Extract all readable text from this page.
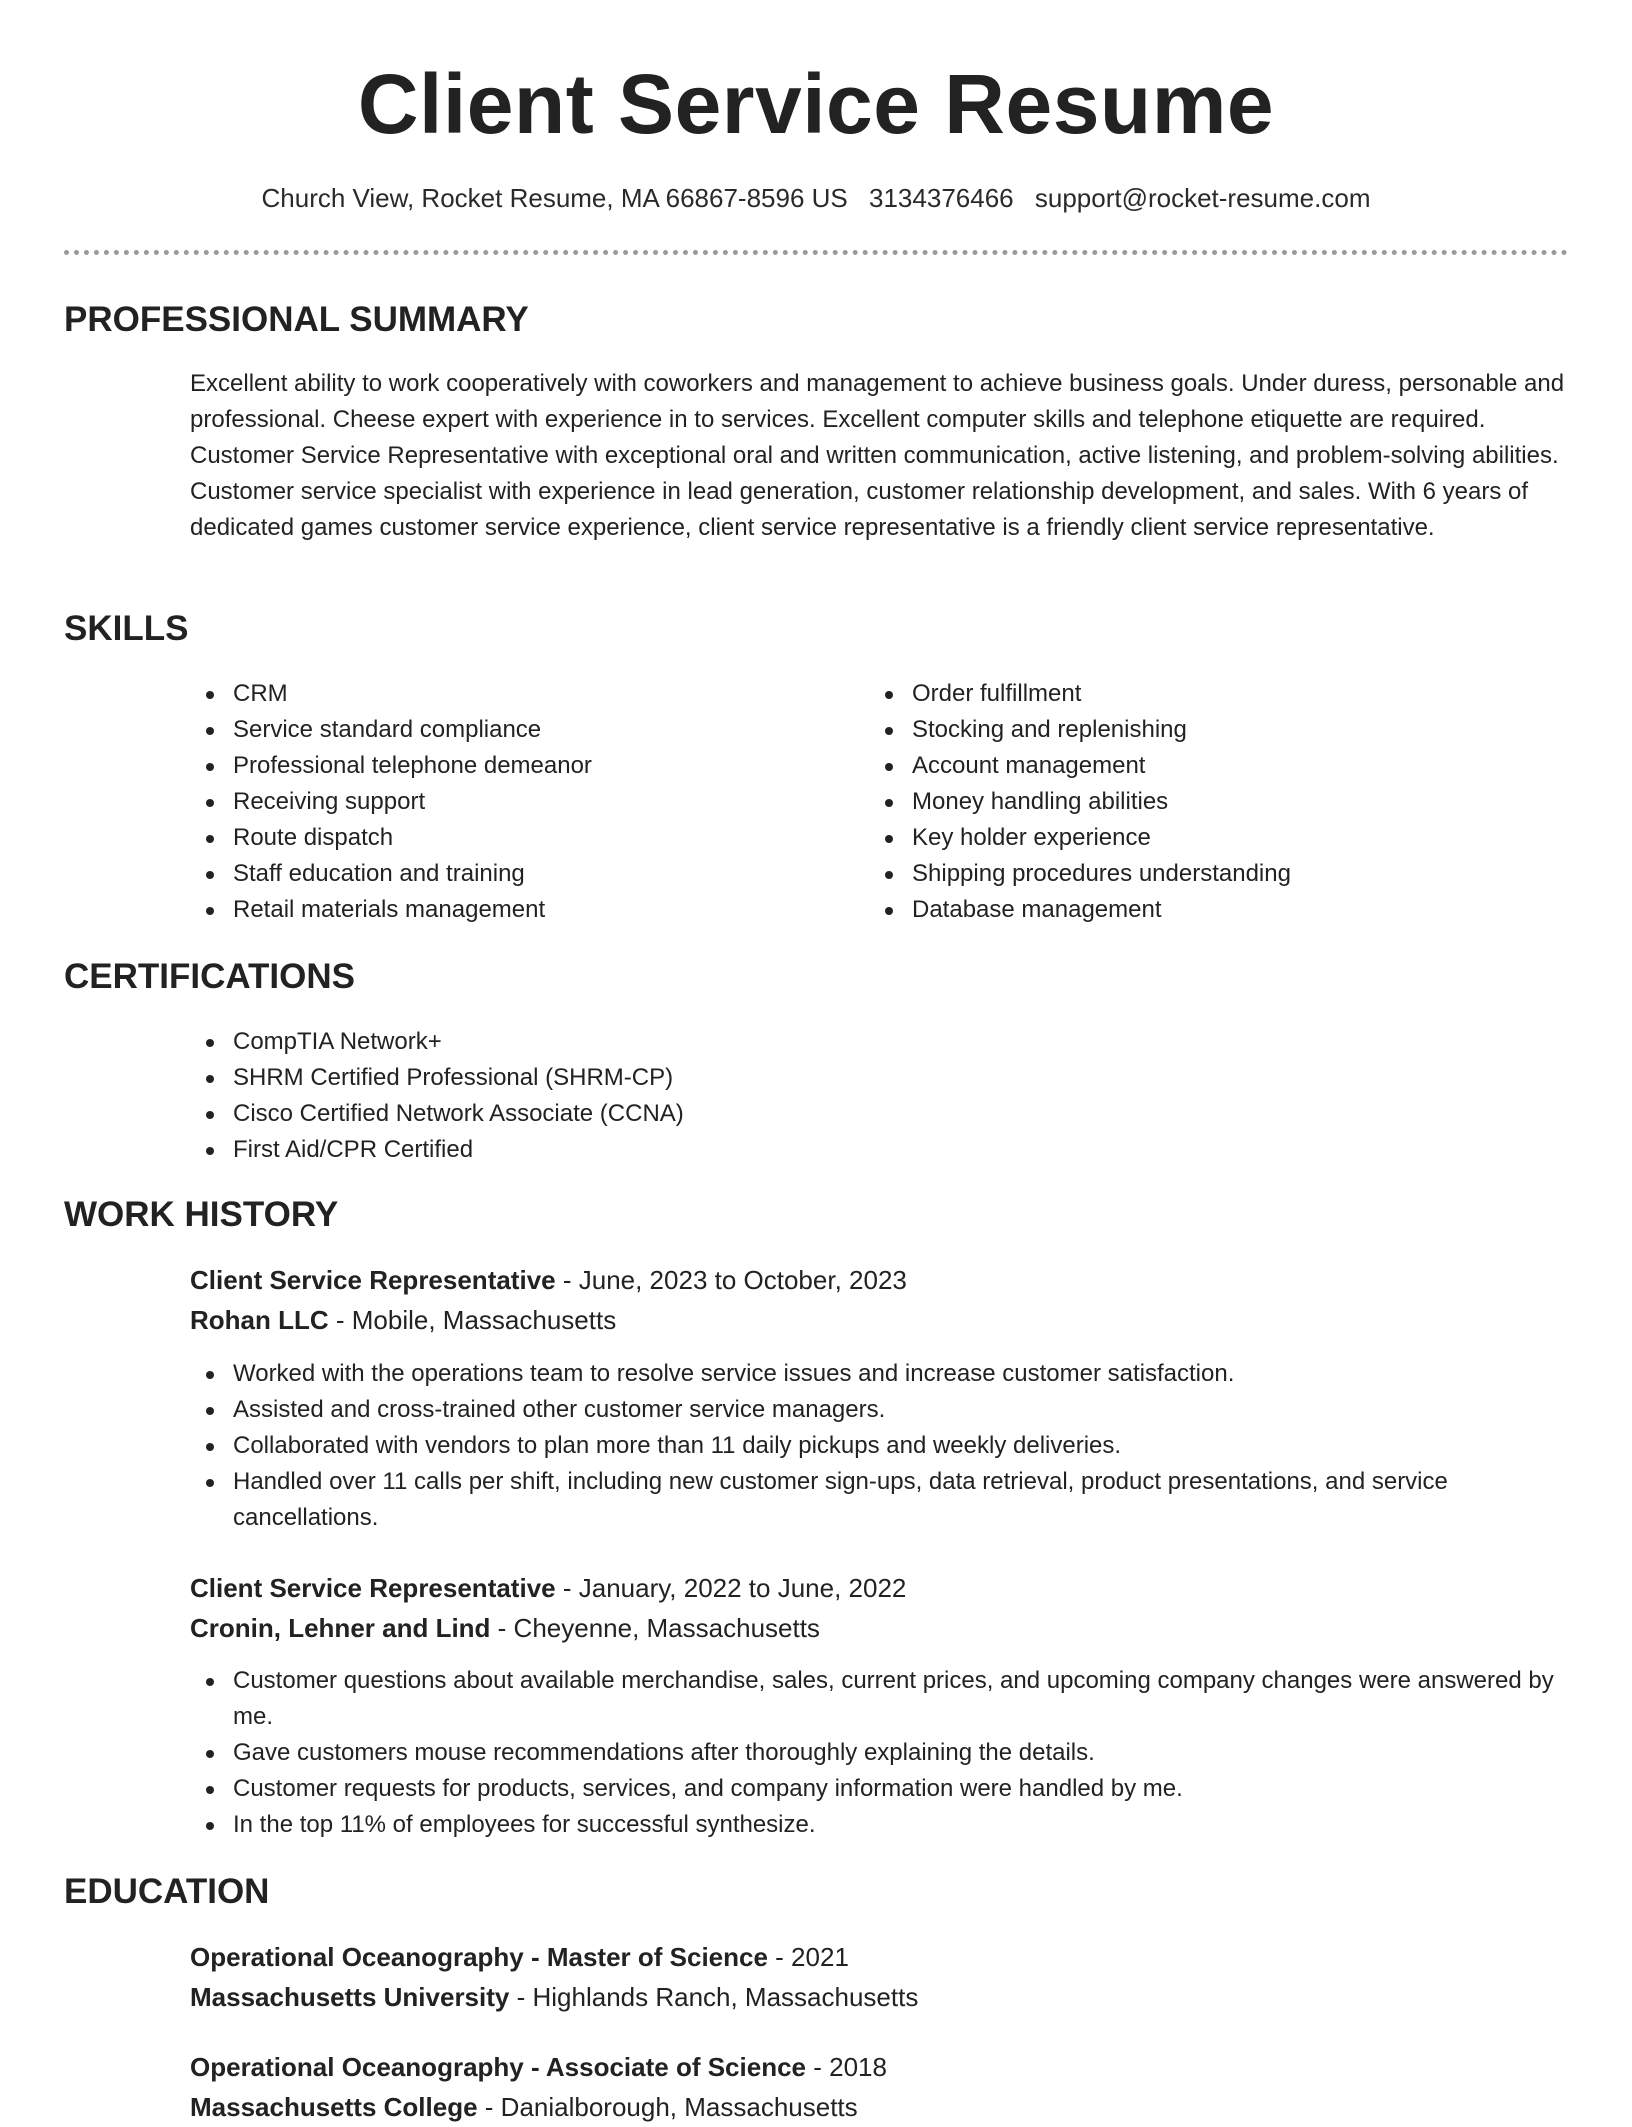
Client Service Resume
Church View, Rocket Resume, MA 66867-8596 US 3134376466 support@rocket-resume.com
PROFESSIONAL SUMMARY

Excellent ability to work cooperatively with coworkers and management to achieve business goals. Under duress, personable and professional. Cheese expert with experience in to services. Excellent computer skills and telephone etiquette are required. Customer Service Representative with exceptional oral and written communication, active listening, and problem-solving abilities. Customer service specialist with experience in lead generation, customer relationship development, and sales. With 6 years of dedicated games customer service experience, client service representative is a friendly client service representative.

SKILLS
CRM
Service standard compliance
Professional telephone demeanor
Receiving support
Route dispatch
Staff education and training
Retail materials management
Order fulfillment
Stocking and replenishing
Account management
Money handling abilities
Key holder experience
Shipping procedures understanding
Database management
CERTIFICATIONS
CompTIA Network+
SHRM Certified Professional (SHRM-CP)
Cisco Certified Network Associate (CCNA)
First Aid/CPR Certified
WORK HISTORY
Client Service Representative - June, 2023 to October, 2023
Rohan LLC - Mobile, Massachusetts
Worked with the operations team to resolve service issues and increase customer satisfaction.
Assisted and cross-trained other customer service managers.
Collaborated with vendors to plan more than 11 daily pickups and weekly deliveries.
Handled over 11 calls per shift, including new customer sign-ups, data retrieval, product presentations, and service cancellations.
Client Service Representative - January, 2022 to June, 2022
Cronin, Lehner and Lind - Cheyenne, Massachusetts
Customer questions about available merchandise, sales, current prices, and upcoming company changes were answered by me.
Gave customers mouse recommendations after thoroughly explaining the details.
Customer requests for products, services, and company information were handled by me.
In the top 11% of employees for successful synthesize.
EDUCATION
Operational Oceanography - Master of Science - 2021
Massachusetts University - Highlands Ranch, Massachusetts
Operational Oceanography - Associate of Science - 2018
Massachusetts College - Danialborough, Massachusetts
